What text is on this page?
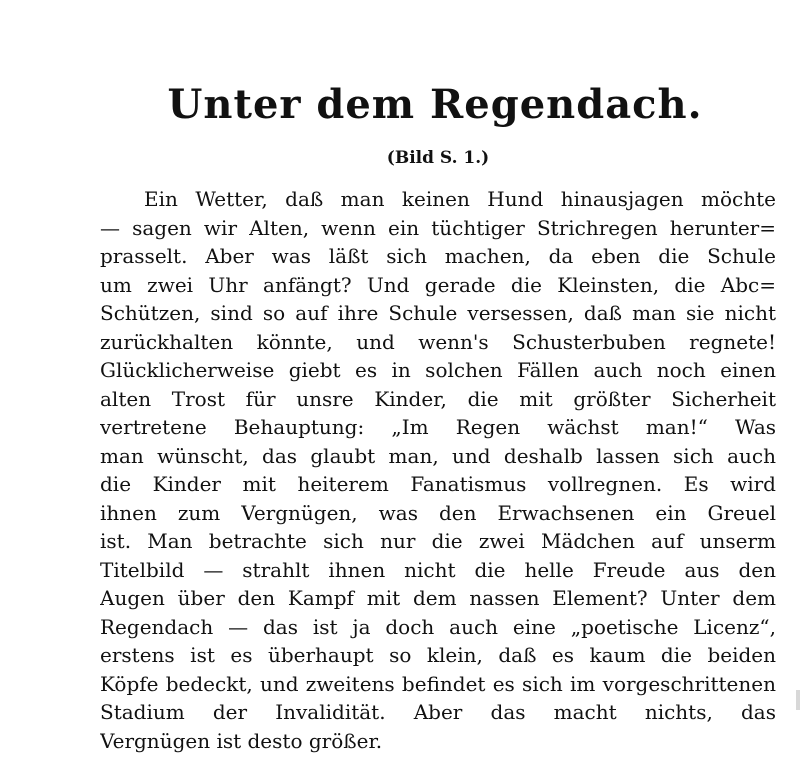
Unter dem Regendach.

(Bild S. 1.)

Ein Wetter, daß man keinen Hund hinausjagen möchte
— sagen wir Alten, wenn ein tüchtiger Strichregen herunter=
prasselt. Aber was läßt sich machen, da eben die Schule
um zwei Uhr anfängt? Und gerade die Kleinsten, die Abc=
Schützen, sind so auf ihre Schule versessen, daß man sie nicht
zurückhalten könnte, und wenn's Schusterbuben regnete!
Glücklicherweise giebt es in solchen Fällen auch noch einen
alten Trost für unsre Kinder, die mit größter Sicherheit
vertretene Behauptung: „Im Regen wächst man!“ Was
man wünscht, das glaubt man, und deshalb lassen sich auch
die Kinder mit heiterem Fanatismus vollregnen. Es wird
ihnen zum Vergnügen, was den Erwachsenen ein Greuel
ist. Man betrachte sich nur die zwei Mädchen auf unserm
Titelbild — strahlt ihnen nicht die helle Freude aus den
Augen über den Kampf mit dem nassen Element? Unter dem
Regendach — das ist ja doch auch eine „poetische Licenz“,
erstens ist es überhaupt so klein, daß es kaum die beiden
Köpfe bedeckt, und zweitens befindet es sich im vorgeschrittenen
Stadium der Invalidität. Aber das macht nichts, das
Vergnügen ist desto größer.
